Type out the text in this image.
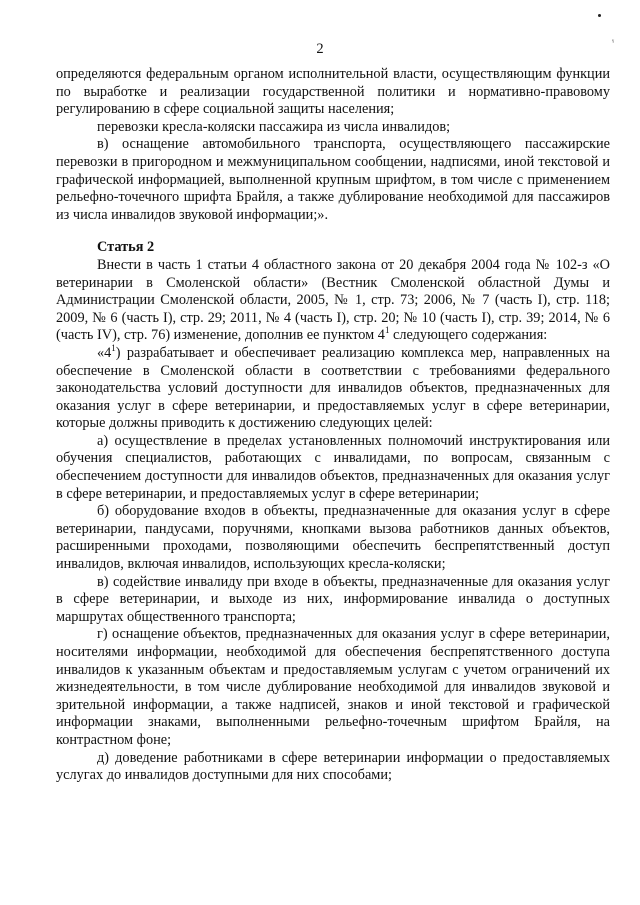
ᵞ
2

определяются федеральным органом исполнительной власти, осуществляющим функции по выработке и реализации государственной политики и нормативно-правовому регулированию в сфере социальной защиты населения;

перевозки кресла-коляски пассажира из числа инвалидов;

в) оснащение автомобильного транспорта, осуществляющего пассажирские перевозки в пригородном и межмуниципальном сообщении, надписями, иной текстовой и графической информацией, выполненной крупным шрифтом, в том числе с применением рельефно-точечного шрифта Брайля, а также дублирование необходимой для пассажиров из числа инвалидов звуковой информации;».

Статья 2

Внести в часть 1 статьи 4 областного закона от 20 декабря 2004 года № 102-з «О ветеринарии в Смоленской области» (Вестник Смоленской областной Думы и Администрации Смоленской области, 2005, № 1, стр. 73; 2006, № 7 (часть I), стр. 118; 2009, № 6 (часть I), стр. 29; 2011, № 4 (часть I), стр. 20; № 10 (часть I), стр. 39; 2014, № 6 (часть IV), стр. 76) изменение, дополнив ее пунктом $4^1$ следующего содержания:

«$4^1$) разрабатывает и обеспечивает реализацию комплекса мер, направленных на обеспечение в Смоленской области в соответствии с требованиями федерального законодательства условий доступности для инвалидов объектов, предназначенных для оказания услуг в сфере ветеринарии, и предоставляемых услуг в сфере ветеринарии, которые должны приводить к достижению следующих целей:

а) осуществление в пределах установленных полномочий инструктирования или обучения специалистов, работающих с инвалидами, по вопросам, связанным с обеспечением доступности для инвалидов объектов, предназначенных для оказания услуг в сфере ветеринарии, и предоставляемых услуг в сфере ветеринарии;

б) оборудование входов в объекты, предназначенные для оказания услуг в сфере ветеринарии, пандусами, поручнями, кнопками вызова работников данных объектов, расширенными проходами, позволяющими обеспечить беспрепятственный доступ инвалидов, включая инвалидов, использующих кресла-коляски;

в) содействие инвалиду при входе в объекты, предназначенные для оказания услуг в сфере ветеринарии, и выходе из них, информирование инвалида о доступных маршрутах общественного транспорта;

г) оснащение объектов, предназначенных для оказания услуг в сфере ветеринарии, носителями информации, необходимой для обеспечения беспрепятственного доступа инвалидов к указанным объектам и предоставляемым услугам с учетом ограничений их жизнедеятельности, в том числе дублирование необходимой для инвалидов звуковой и зрительной информации, а также надписей, знаков и иной текстовой и графической информации знаками, выполненными рельефно-точечным шрифтом Брайля, на контрастном фоне;

д) доведение работниками в сфере ветеринарии информации о предоставляемых услугах до инвалидов доступными для них способами;
